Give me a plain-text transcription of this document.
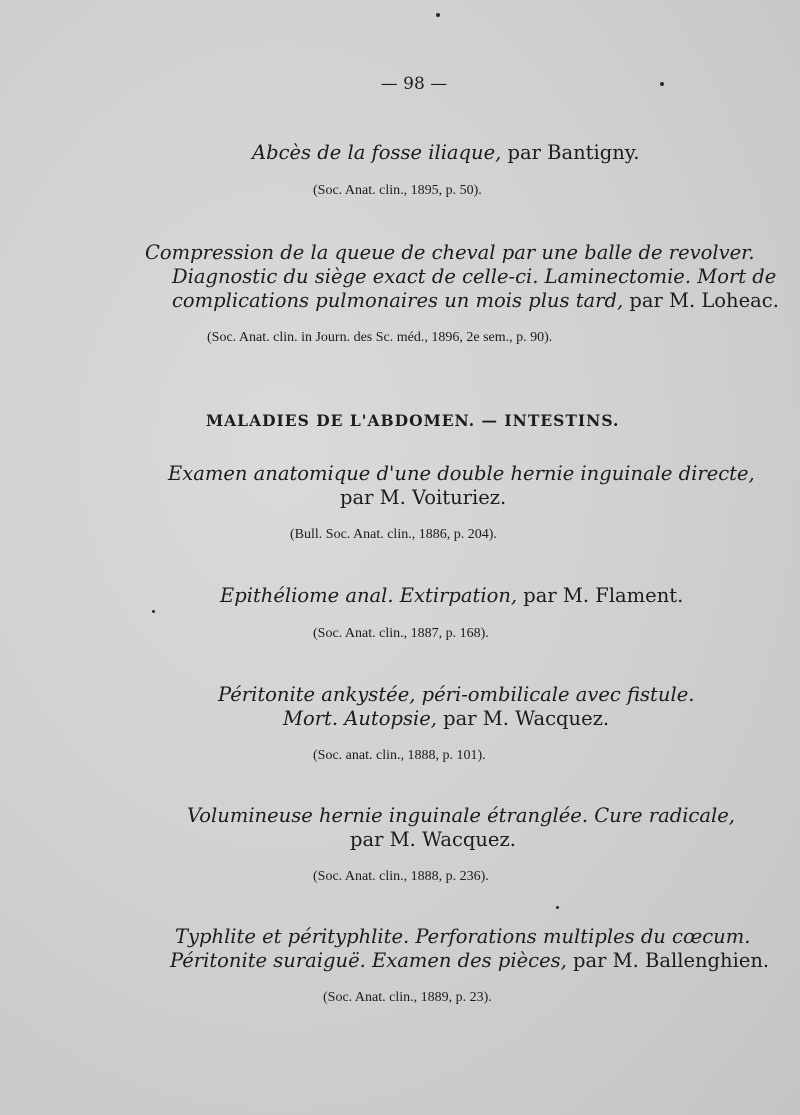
— 98 —
Abcès de la fosse iliaque, par Bantigny.
(Soc. Anat. clin., 1895, p. 50).
Compression de la queue de cheval par une balle de revolver.
Diagnostic du siège exact de celle-ci. Laminectomie. Mort de
complications pulmonaires un mois plus tard, par M. Loheac.
(Soc. Anat. clin. in Journ. des Sc. méd., 1896, 2e sem., p. 90).
MALADIES DE L'ABDOMEN. — INTESTINS.
Examen anatomique d'une double hernie inguinale directe,
par M. Voituriez.
(Bull. Soc. Anat. clin., 1886, p. 204).
Epithéliome anal. Extirpation, par M. Flament.
(Soc. Anat. clin., 1887, p. 168).
Péritonite ankystée, péri-ombilicale avec fistule.
Mort. Autopsie, par M. Wacquez.
(Soc. anat. clin., 1888, p. 101).
Volumineuse hernie inguinale étranglée. Cure radicale,
par M. Wacquez.
(Soc. Anat. clin., 1888, p. 236).
Typhlite et pérityphlite. Perforations multiples du cœcum.
Péritonite suraiguë. Examen des pièces, par M. Ballenghien.
(Soc. Anat. clin., 1889, p. 23).
